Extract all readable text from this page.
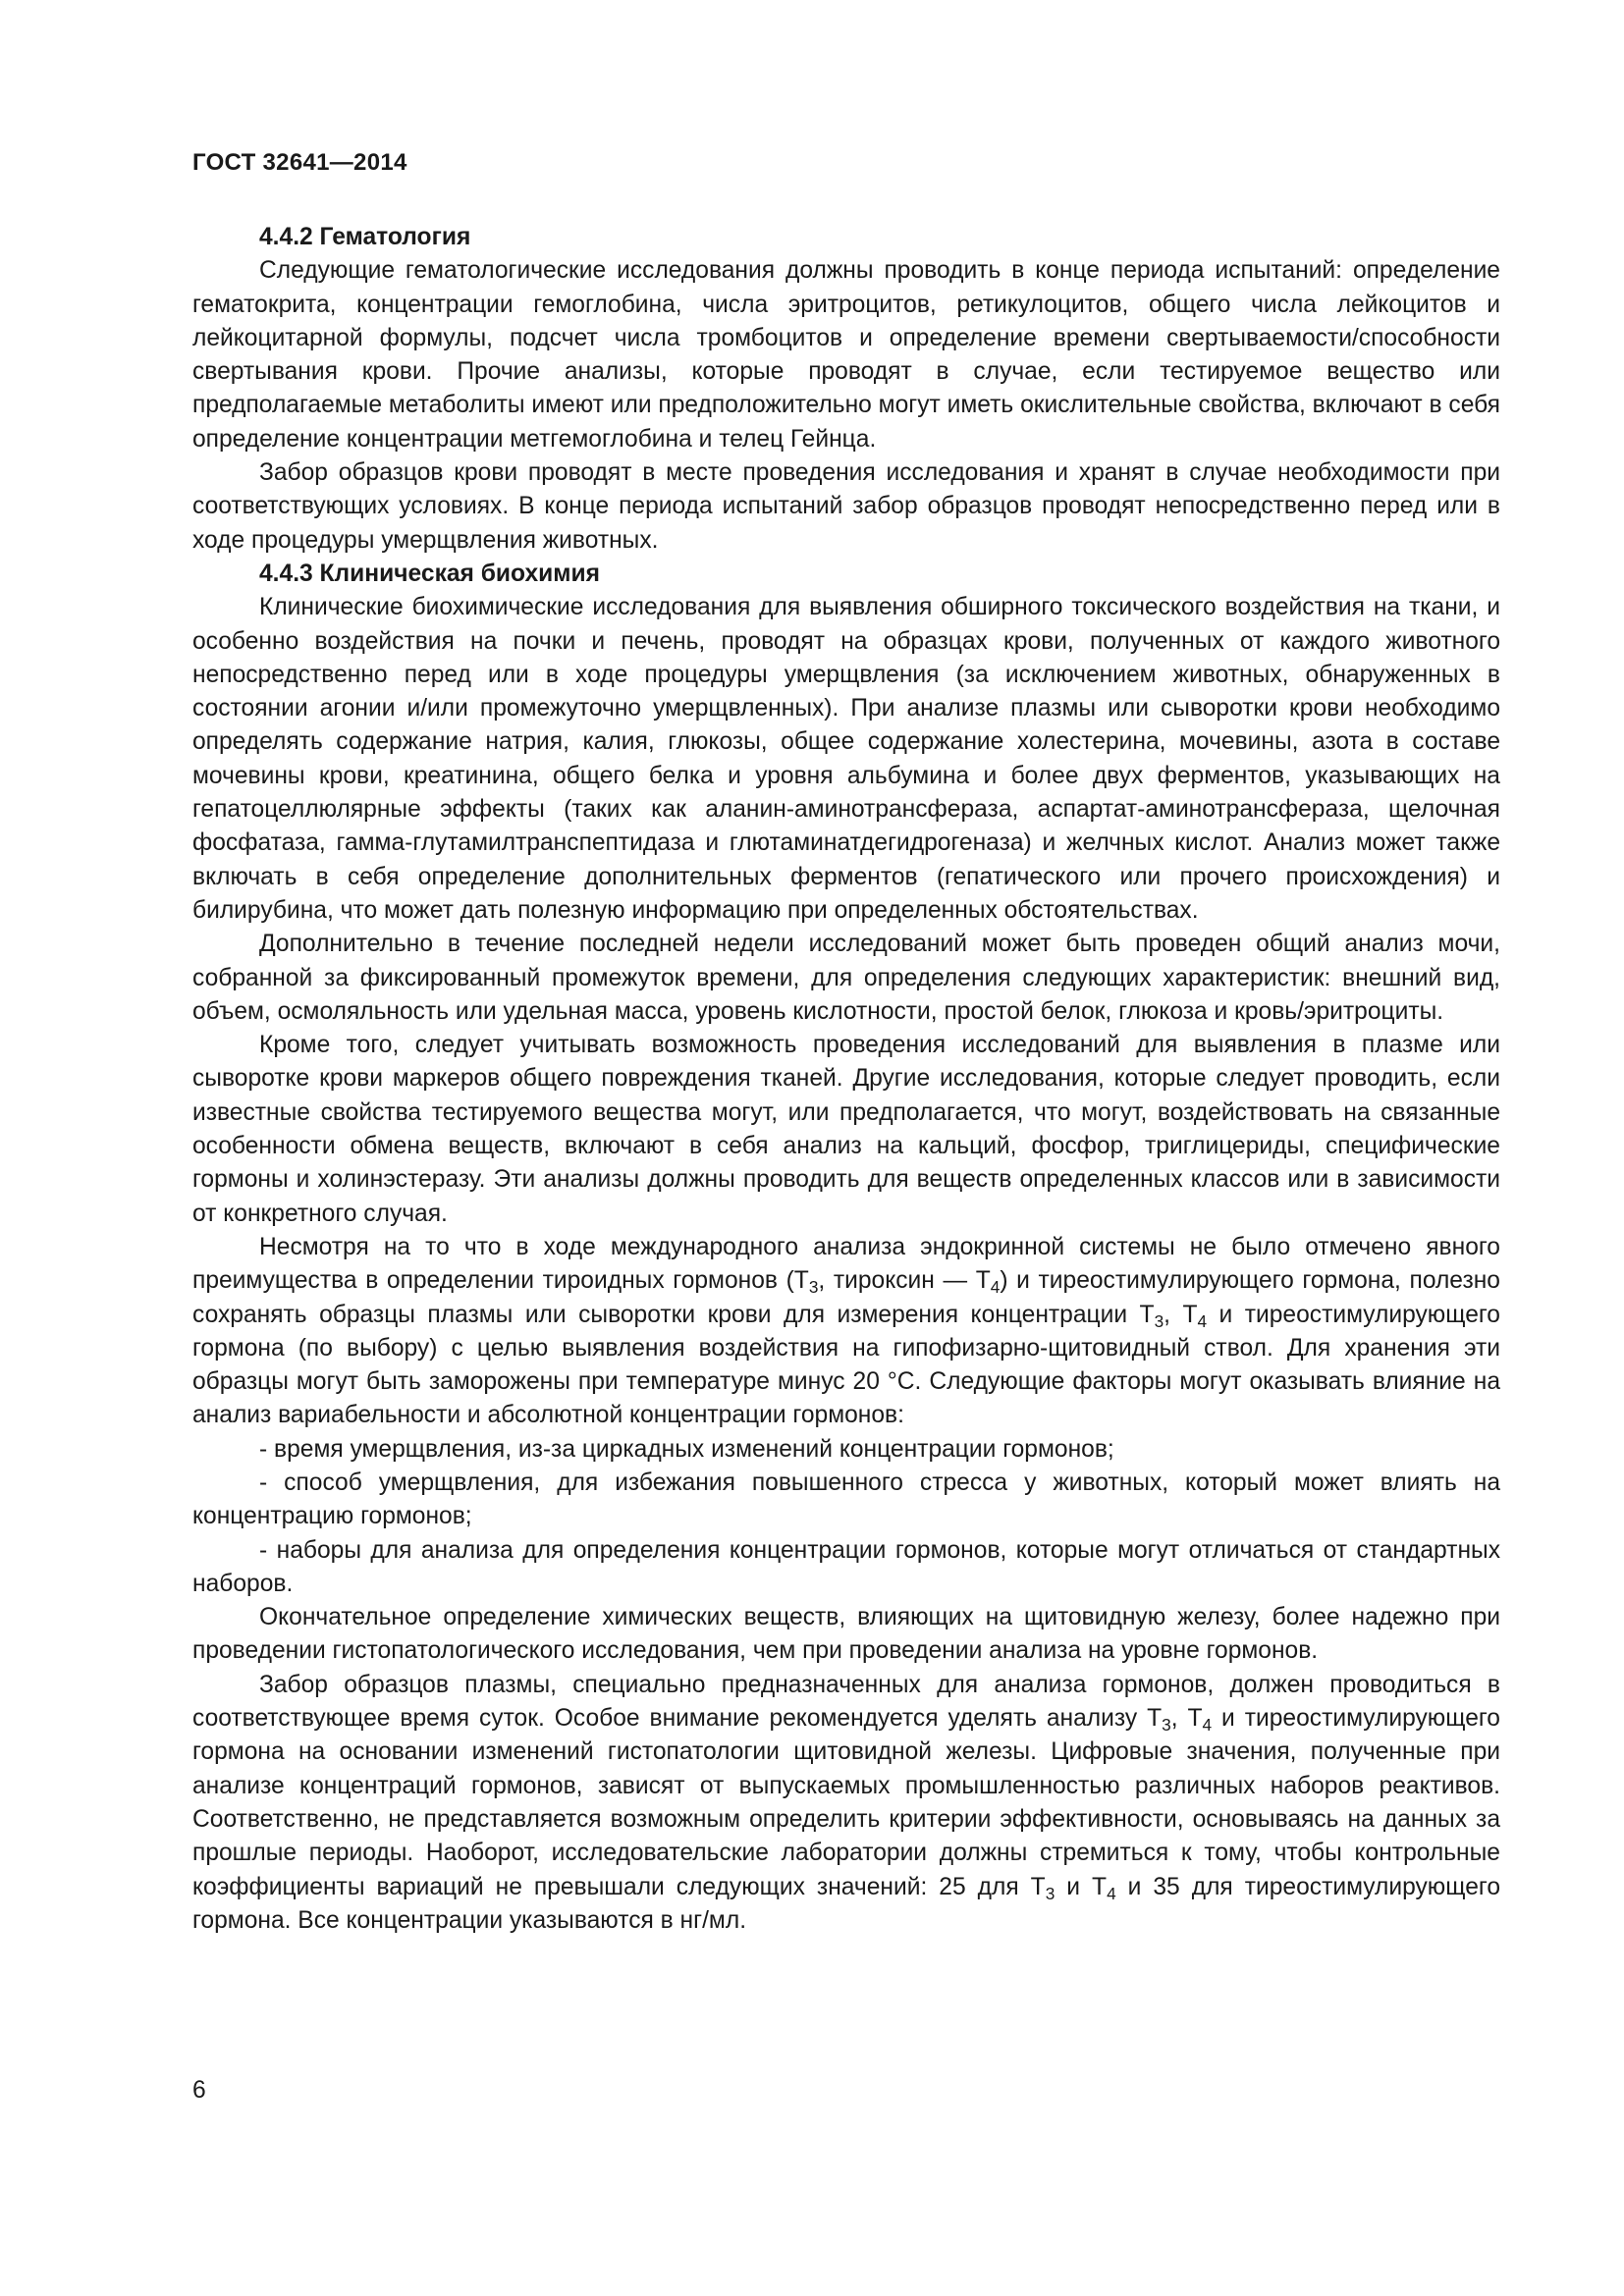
ГОСТ 32641—2014
4.4.2 Гематология

Следующие гематологические исследования должны проводить в конце периода испытаний: определение гематокрита, концентрации гемоглобина, числа эритроцитов, ретикулоцитов, общего числа лейкоцитов и лейкоцитарной формулы, подсчет числа тромбоцитов и определение времени свертываемости/способности свертывания крови. Прочие анализы, которые проводят в случае, если тестируемое вещество или предполагаемые метаболиты имеют или предположительно могут иметь окислительные свойства, включают в себя определение концентрации метгемоглобина и телец Гейнца.

Забор образцов крови проводят в месте проведения исследования и хранят в случае необходимости при соответствующих условиях. В конце периода испытаний забор образцов проводят непосредственно перед или в ходе процедуры умерщвления животных.

4.4.3 Клиническая биохимия

Клинические биохимические исследования для выявления обширного токсического воздействия на ткани, и особенно воздействия на почки и печень, проводят на образцах крови, полученных от каждого животного непосредственно перед или в ходе процедуры умерщвления (за исключением животных, обнаруженных в состоянии агонии и/или промежуточно умерщвленных). При анализе плазмы или сыворотки крови необходимо определять содержание натрия, калия, глюкозы, общее содержание холестерина, мочевины, азота в составе мочевины крови, креатинина, общего белка и уровня альбумина и более двух ферментов, указывающих на гепатоцеллюлярные эффекты (таких как аланин-аминотрансфераза, аспартат-аминотрансфераза, щелочная фосфатаза, гамма-глутамилтранспептидаза и глютаминатдегидрогеназа) и желчных кислот. Анализ может также включать в себя определение дополнительных ферментов (гепатического или прочего происхождения) и билирубина, что может дать полезную информацию при определенных обстоятельствах.

Дополнительно в течение последней недели исследований может быть проведен общий анализ мочи, собранной за фиксированный промежуток времени, для определения следующих характеристик: внешний вид, объем, осмоляльность или удельная масса, уровень кислотности, простой белок, глюкоза и кровь/эритроциты.

Кроме того, следует учитывать возможность проведения исследований для выявления в плазме или сыворотке крови маркеров общего повреждения тканей. Другие исследования, которые следует проводить, если известные свойства тестируемого вещества могут, или предполагается, что могут, воздействовать на связанные особенности обмена веществ, включают в себя анализ на кальций, фосфор, триглицериды, специфические гормоны и холинэстеразу. Эти анализы должны проводить для веществ определенных классов или в зависимости от конкретного случая.

Несмотря на то что в ходе международного анализа эндокринной системы не было отмечено явного преимущества в определении тироидных гормонов ($Т_3$, тироксин — $Т_4$) и тиреостимулирующего гормона, полезно сохранять образцы плазмы или сыворотки крови для измерения концентрации $Т_3$, $Т_4$ и тиреостимулирующего гормона (по выбору) с целью выявления воздействия на гипофизарно-щитовидный ствол. Для хранения эти образцы могут быть заморожены при температуре минус 20 °С. Следующие факторы могут оказывать влияние на анализ вариабельности и абсолютной концентрации гормонов:

- время умерщвления, из-за циркадных изменений концентрации гормонов;

- способ умерщвления, для избежания повышенного стресса у животных, который может влиять на концентрацию гормонов;

- наборы для анализа для определения концентрации гормонов, которые могут отличаться от стандартных наборов.

Окончательное определение химических веществ, влияющих на щитовидную железу, более надежно при проведении гистопатологического исследования, чем при проведении анализа на уровне гормонов.

Забор образцов плазмы, специально предназначенных для анализа гормонов, должен проводиться в соответствующее время суток. Особое внимание рекомендуется уделять анализу $Т_3$, $Т_4$ и тиреостимулирующего гормона на основании изменений гистопатологии щитовидной железы. Цифровые значения, полученные при анализе концентраций гормонов, зависят от выпускаемых промышленностью различных наборов реактивов. Соответственно, не представляется возможным определить критерии эффективности, основываясь на данных за прошлые периоды. Наоборот, исследовательские лаборатории должны стремиться к тому, чтобы контрольные коэффициенты вариаций не превышали следующих значений: 25 для $Т_3$ и $Т_4$ и 35 для тиреостимулирующего гормона. Все концентрации указываются в нг/мл.

6
